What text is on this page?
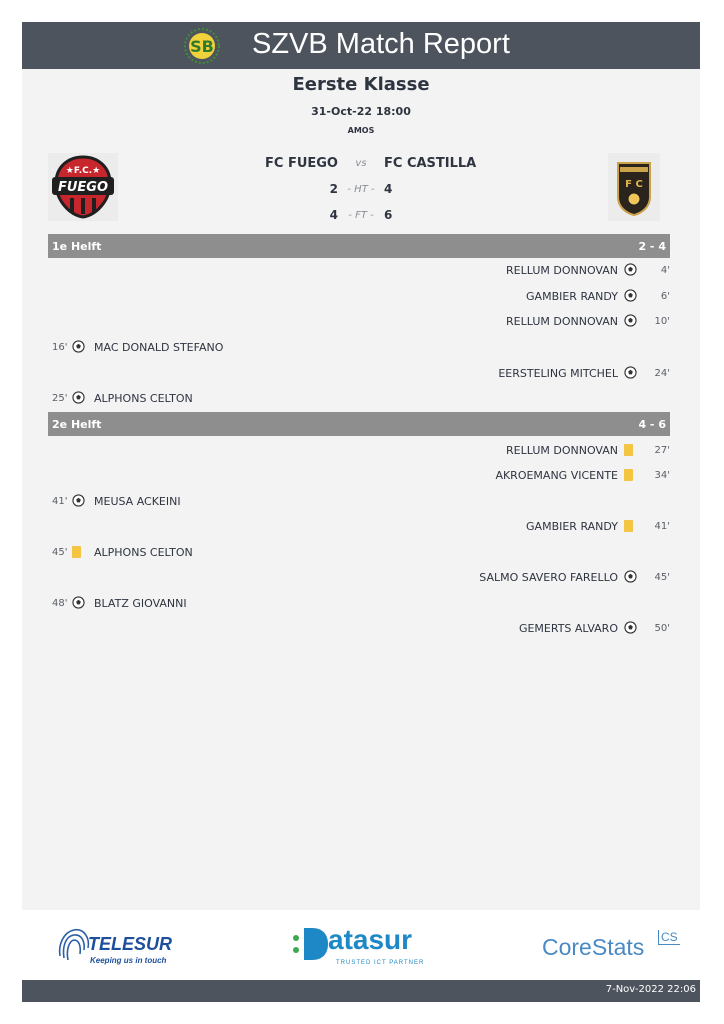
SB SZVB Match Report
Eerste Klasse
31-Oct-22 18:00
AMOS
FUEGO
★F.C.★	FC FUEGO	vs	FC CASTILLA
2 - HT - 4
4	- FT - 6
F C
1e Helft	2 - 4
RELLUM DONNOVAN	4'
GAMBIER RANDY	6'
RELLUM DONNOVAN	10'
16' MAC DONALD STEFANO
EERSTELING MITCHEL	24'
25' ALPHONS CELTON
2e Helft	4 - 6
RELLUM DONNOVAN	27'
AKROEMANG VICENTE	34'
41' MEUSA ACKEINI
GAMBIER RANDY	41'
45' ALPHONS CELTON
SALMO SAVERO FARELLO	45'
48' BLATZ GIOVANNI
GEMERTS ALVARO	50'
TELESUR
Keeping us in touch
atasur
TRUSTED ICT PARTNER
CoreStats CS
7-Nov-2022 22:06
